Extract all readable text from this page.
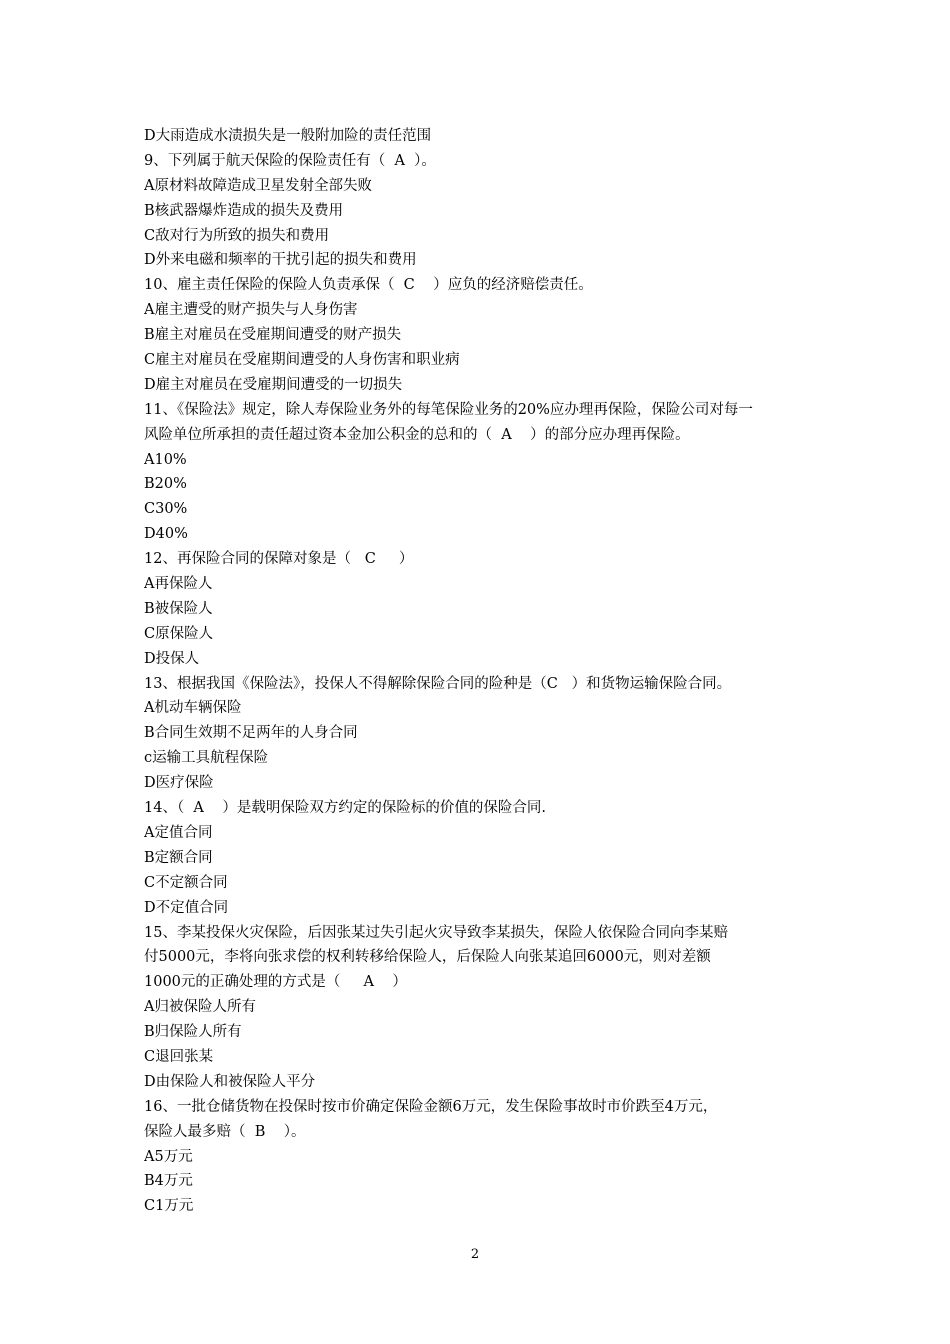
D大雨造成水渍损失是一般附加险的责任范围
9、下列属于航天保险的保险责任有（  A  ）。
A原材料故障造成卫星发射全部失败
B核武器爆炸造成的损失及费用
C敌对行为所致的损失和费用
D外来电磁和频率的干扰引起的损失和费用
10、雇主责任保险的保险人负责承保（  C    ）应负的经济赔偿责任。
A雇主遭受的财产损失与人身伤害
B雇主对雇员在受雇期间遭受的财产损失
C雇主对雇员在受雇期间遭受的人身伤害和职业病
D雇主对雇员在受雇期间遭受的一切损失
11、《保险法》规定，除人寿保险业务外的每笔保险业务的20%应办理再保险，保险公司对每一
风险单位所承担的责任超过资本金加公积金的总和的（  A    ）的部分应办理再保险。
A10%
B20%
C30%
D40%
12、再保险合同的保障对象是（   C     ）
A再保险人
B被保险人
C原保险人
D投保人
13、根据我国《保险法》，投保人不得解除保险合同的险种是（C   ）和货物运输保险合同。
A机动车辆保险
B合同生效期不足两年的人身合同
c运输工具航程保险
D医疗保险
14、（  A    ）是载明保险双方约定的保险标的价值的保险合同.
A定值合同
B定额合同
C不定额合同
D不定值合同
15、李某投保火灾保险，后因张某过失引起火灾导致李某损失，保险人依保险合同向李某赔
付5000元，李将向张求偿的权利转移给保险人，后保险人向张某追回6000元，则对差额
1000元的正确处理的方式是（     A    ）
A归被保险人所有
B归保险人所有
C退回张某
D由保险人和被保险人平分
16、一批仓储货物在投保时按市价确定保险金额6万元，发生保险事故时市价跌至4万元，
保险人最多赔（  B    ）。
A5万元
B4万元
C1万元
2
